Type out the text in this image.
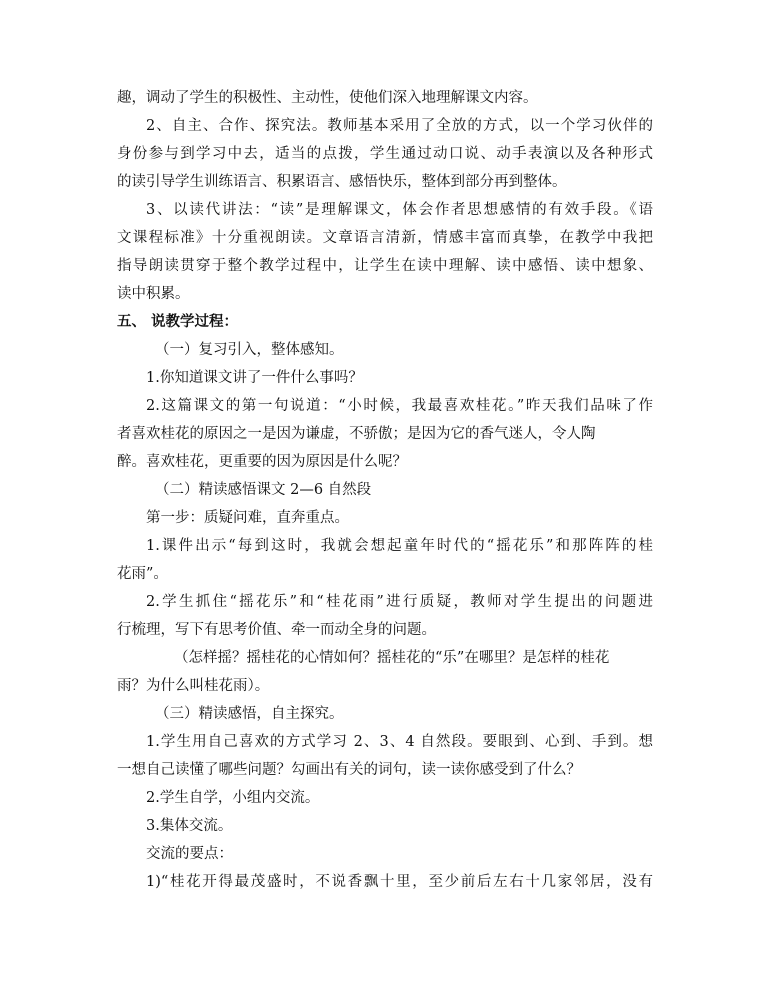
趣，调动了学生的积极性、主动性，使他们深入地理解课文内容。
2、自主、合作、探究法。教师基本采用了全放的方式，以一个学习伙伴的
身份参与到学习中去，适当的点拨，学生通过动口说、动手表演以及各种形式
的读引导学生训练语言、积累语言、感悟快乐，整体到部分再到整体。
3、以读代讲法：“读”是理解课文，体会作者思想感情的有效手段。《语
文课程标准》十分重视朗读。文章语言清新，情感丰富而真挚，在教学中我把
指导朗读贯穿于整个教学过程中，让学生在读中理解、读中感悟、读中想象、
读中积累。
五、 说教学过程：
（一）复习引入，整体感知。
1.你知道课文讲了一件什么事吗？
2.这篇课文的第一句说道：“小时候，我最喜欢桂花。”昨天我们品味了作
者喜欢桂花的原因之一是因为谦虚，不骄傲；是因为它的香气迷人，令人陶
醉。喜欢桂花，更重要的因为原因是什么呢？
（二）精读感悟课文 2—6 自然段
第一步：质疑问难，直奔重点。
1.课件出示“每到这时，我就会想起童年时代的“摇花乐”和那阵阵的桂
花雨”。
2.学生抓住“摇花乐”和“桂花雨”进行质疑，教师对学生提出的问题进
行梳理，写下有思考价值、牵一而动全身的问题。
（怎样摇？摇桂花的心情如何？摇桂花的“乐”在哪里？是怎样的桂花
雨？为什么叫桂花雨）。
（三）精读感悟，自主探究。
1.学生用自己喜欢的方式学习 2、3、4 自然段。要眼到、心到、手到。想
一想自己读懂了哪些问题？勾画出有关的词句，读一读你感受到了什么？
2.学生自学，小组内交流。
3.集体交流。
交流的要点：
1)“桂花开得最茂盛时，不说香飘十里，至少前后左右十几家邻居，没有
